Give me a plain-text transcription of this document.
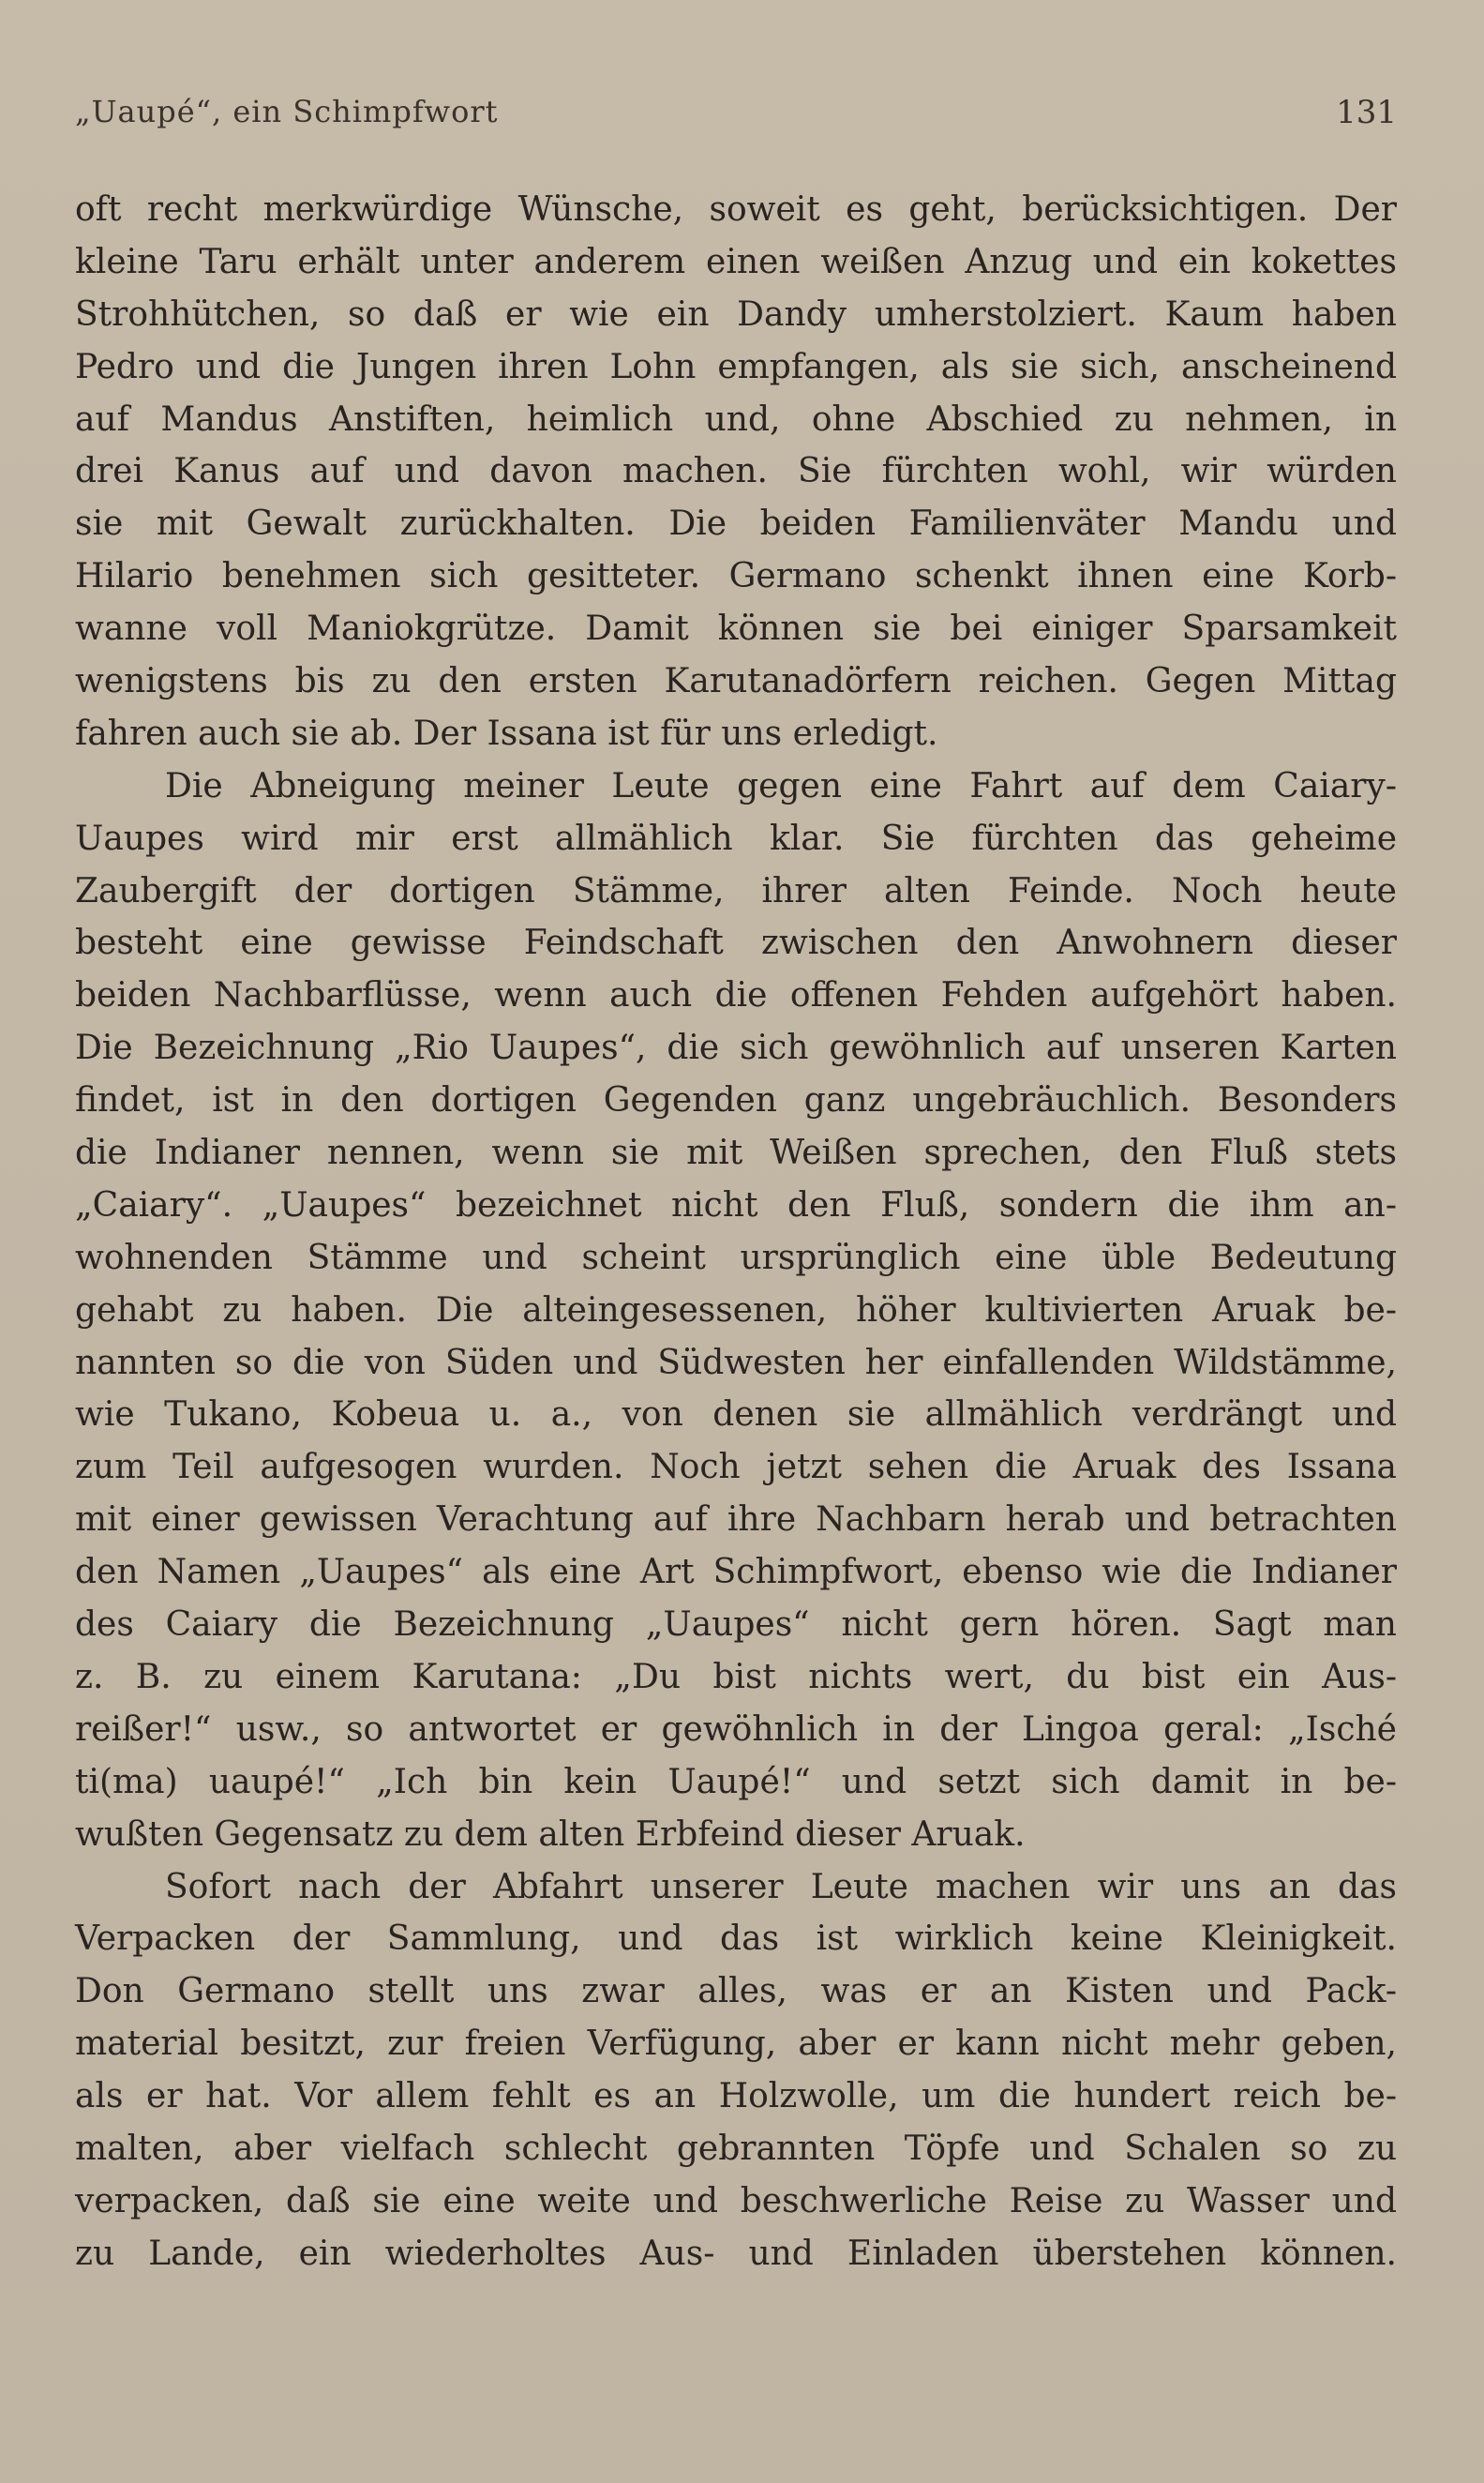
„Uaupé“, ein Schimpfwort	131
oft recht merkwürdige Wünsche, soweit es geht, berücksichtigen. Der
kleine Taru erhält unter anderem einen weißen Anzug und ein kokettes
Strohhütchen, so daß er wie ein Dandy umherstolziert. Kaum haben
Pedro und die Jungen ihren Lohn empfangen, als sie sich, anscheinend
auf Mandus Anstiften, heimlich und, ohne Abschied zu nehmen, in
drei Kanus auf und davon machen. Sie fürchten wohl, wir würden
sie mit Gewalt zurückhalten. Die beiden Familienväter Mandu und
Hilario benehmen sich gesitteter. Germano schenkt ihnen eine Korb-
wanne voll Maniokgrütze. Damit können sie bei einiger Sparsamkeit
wenigstens bis zu den ersten Karutanadörfern reichen. Gegen Mittag
fahren auch sie ab. Der Issana ist für uns erledigt.
Die Abneigung meiner Leute gegen eine Fahrt auf dem Caiary-
Uaupes wird mir erst allmählich klar. Sie fürchten das geheime
Zaubergift der dortigen Stämme, ihrer alten Feinde. Noch heute
besteht eine gewisse Feindschaft zwischen den Anwohnern dieser
beiden Nachbarflüsse, wenn auch die offenen Fehden aufgehört haben.
Die Bezeichnung „Rio Uaupes“, die sich gewöhnlich auf unseren Karten
findet, ist in den dortigen Gegenden ganz ungebräuchlich. Besonders
die Indianer nennen, wenn sie mit Weißen sprechen, den Fluß stets
„Caiary“. „Uaupes“ bezeichnet nicht den Fluß, sondern die ihm an-
wohnenden Stämme und scheint ursprünglich eine üble Bedeutung
gehabt zu haben. Die alteingesessenen, höher kultivierten Aruak be-
nannten so die von Süden und Südwesten her einfallenden Wildstämme,
wie Tukano, Kobeua u. a., von denen sie allmählich verdrängt und
zum Teil aufgesogen wurden. Noch jetzt sehen die Aruak des Issana
mit einer gewissen Verachtung auf ihre Nachbarn herab und betrachten
den Namen „Uaupes“ als eine Art Schimpfwort, ebenso wie die Indianer
des Caiary die Bezeichnung „Uaupes“ nicht gern hören. Sagt man
z. B. zu einem Karutana: „Du bist nichts wert, du bist ein Aus-
reißer!“ usw., so antwortet er gewöhnlich in der Lingoa geral: „Isché
ti(ma) uaupé!“ „Ich bin kein Uaupé!“ und setzt sich damit in be-
wußten Gegensatz zu dem alten Erbfeind dieser Aruak.
Sofort nach der Abfahrt unserer Leute machen wir uns an das
Verpacken der Sammlung, und das ist wirklich keine Kleinigkeit.
Don Germano stellt uns zwar alles, was er an Kisten und Pack-
material besitzt, zur freien Verfügung, aber er kann nicht mehr geben,
als er hat. Vor allem fehlt es an Holzwolle, um die hundert reich be-
malten, aber vielfach schlecht gebrannten Töpfe und Schalen so zu
verpacken, daß sie eine weite und beschwerliche Reise zu Wasser und
zu Lande, ein wiederholtes Aus- und Einladen überstehen können.
